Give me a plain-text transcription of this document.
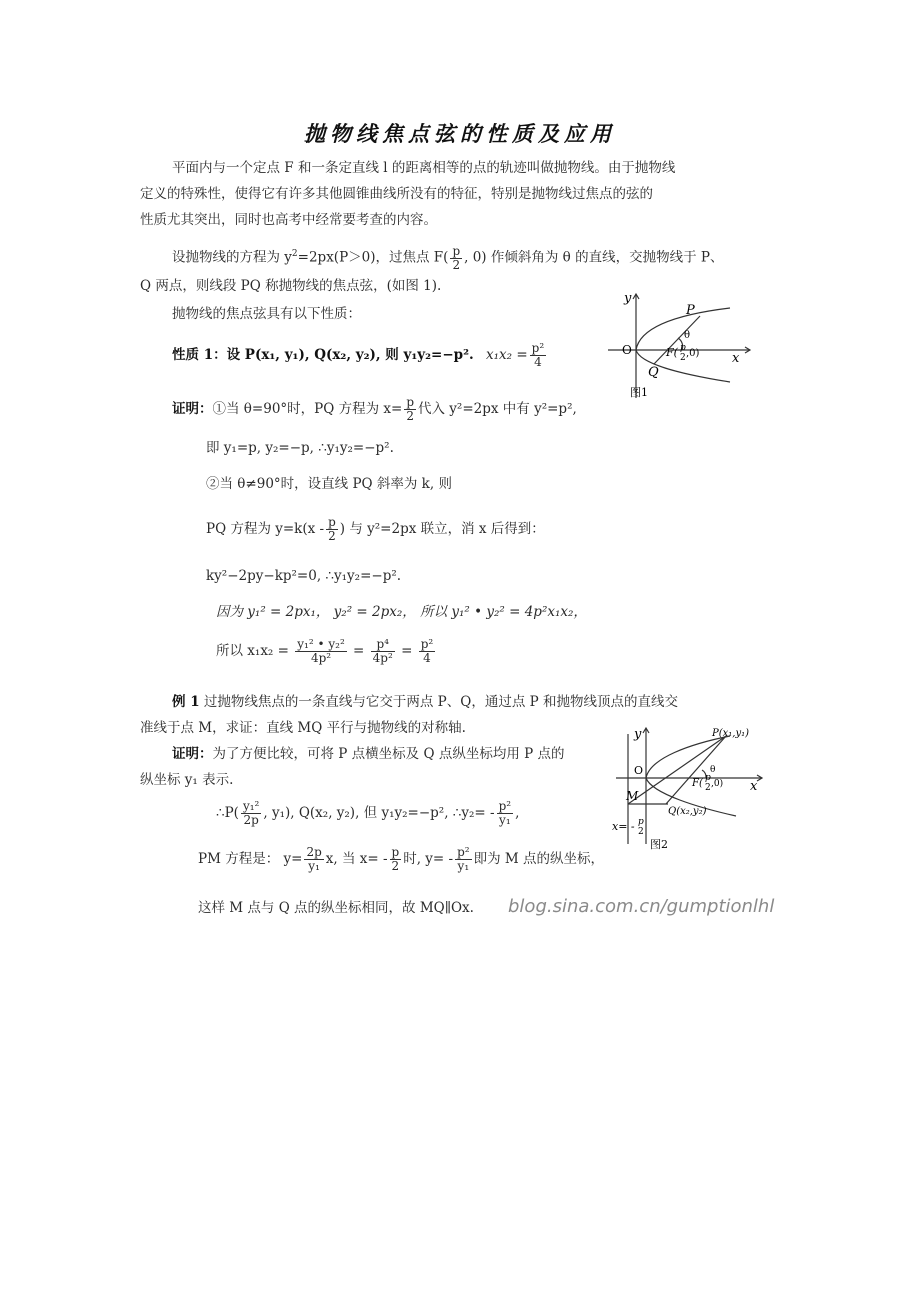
抛物线焦点弦的性质及应用
平面内与一个定点 F 和一条定直线 l 的距离相等的点的轨迹叫做抛物线。由于抛物线
定义的特殊性，使得它有许多其他圆锥曲线所没有的特征，特别是抛物线过焦点的弦的
性质尤其突出，同时也高考中经常要考查的内容。
设抛物线的方程为 $y^2=2px(P>0)$，过焦点 $F( \frac{p}{2}$ , 0) 作倾斜角为 θ 的直线，交抛物线于 P、
Q 两点，则线段 PQ 称抛物线的焦点弦，(如图 1).
抛物线的焦点弦具有以下性质：
性质 1：设 P(x₁, y₁), Q(x₂, y₂), 则 y₁y₂=−p². $x_1x_2 = \frac{\text{p²}}{4}$
证明：①当 θ=90°时，PQ 方程为 $x= \frac{p}{2}$ 代入 y²=2px 中有 y²=p²,
即 y₁=p, y₂=−p, ∴y₁y₂=−p².
②当 θ≠90°时，设直线 PQ 斜率为 k, 则
PQ 方程为 $y=k(x - \frac{p}{2}$ ) 与 y²=2px 联立，消 x 后得到：
ky²−2py−kp²=0, ∴y₁y₂=−p².
因为 y₁² = 2px₁， y₂² = 2px₂， 所以 y₁² • y₂² = 4p²x₁x₂，
所以 $x_1x_2 = \frac{\text{y₁² • y₂²}}{\text{4p²}} = \frac{\text{p⁴}}{\text{4p²}} = \frac{\text{p²}}{4}$
例 1 过抛物线焦点的一条直线与它交于两点 P、Q，通过点 P 和抛物线顶点的直线交
准线于点 M，求证：直线 MQ 平行与抛物线的对称轴.
证明：为了方便比较，可将 P 点横坐标及 Q 点纵坐标均用 P 点的
纵坐标 y₁ 表示.
∴P( $\frac{\text{y₁²}}{2p}$ , y₁), Q(x₂, y₂), 但 y₁y₂=−p², ∴y₂= - $\frac{\text{p²}}{\text{y₁}}$ ,
PM 方程是： $y= \frac{2p}{\text{y₁}} x$, 当 $x= - \frac{p}{2}$ 时, $y= - \frac{\text{p²}}{\text{y₁}}$ 即为 M 点的纵坐标，
这样 M 点与 Q 点的纵坐标相同，故 MQ∥Ox. blog.sina.com.cn/gumptionlhl
y
x
O
P
Q
θ
F( p
2 ,0)
图1
y
x
O
M
P(x₁,y₁)
Q(x₂,y₂)
θ
F( p
2 ,0)
x= - p
2
图2
